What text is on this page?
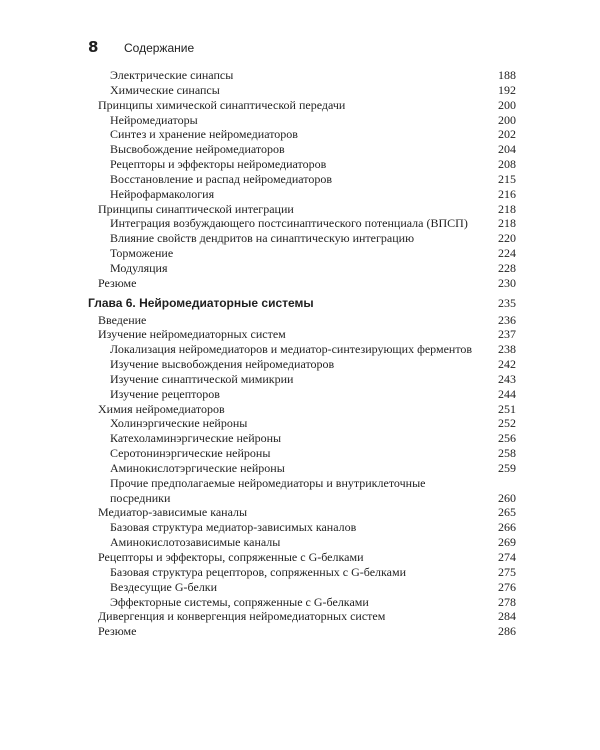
8	Содержание
Электрические синапсы	188
Химические синапсы	192
Принципы химической синаптической передачи	200
Нейромедиаторы	200
Синтез и хранение нейромедиаторов	202
Высвобождение нейромедиаторов	204
Рецепторы и эффекторы нейромедиаторов	208
Восстановление и распад нейромедиаторов	215
Нейрофармакология	216
Принципы синаптической интеграции	218
Интеграция возбуждающего постсинаптического потенциала (ВПСП)	218
Влияние свойств дендритов на синаптическую интеграцию	220
Торможение	224
Модуляция	228
Резюме	230
Глава 6. Нейромедиаторные системы	235
Введение	236
Изучение нейромедиаторных систем	237
Локализация нейромедиаторов и медиатор-синтезирующих ферментов	238
Изучение высвобождения нейромедиаторов	242
Изучение синаптической мимикрии	243
Изучение рецепторов	244
Химия нейромедиаторов	251
Холинэргические нейроны	252
Катехоламинэргические нейроны	256
Серотонинэргические нейроны	258
Аминокислотэргические нейроны	259
Прочие предполагаемые нейромедиаторы и внутриклеточные посредники	260
Медиатор-зависимые каналы	265
Базовая структура медиатор-зависимых каналов	266
Аминокислотозависимые каналы	269
Рецепторы и эффекторы, сопряженные с G-белками	274
Базовая структура рецепторов, сопряженных с G-белками	275
Вездесущие G-белки	276
Эффекторные системы, сопряженные с G-белками	278
Дивергенция и конвергенция нейромедиаторных систем	284
Резюме	286
